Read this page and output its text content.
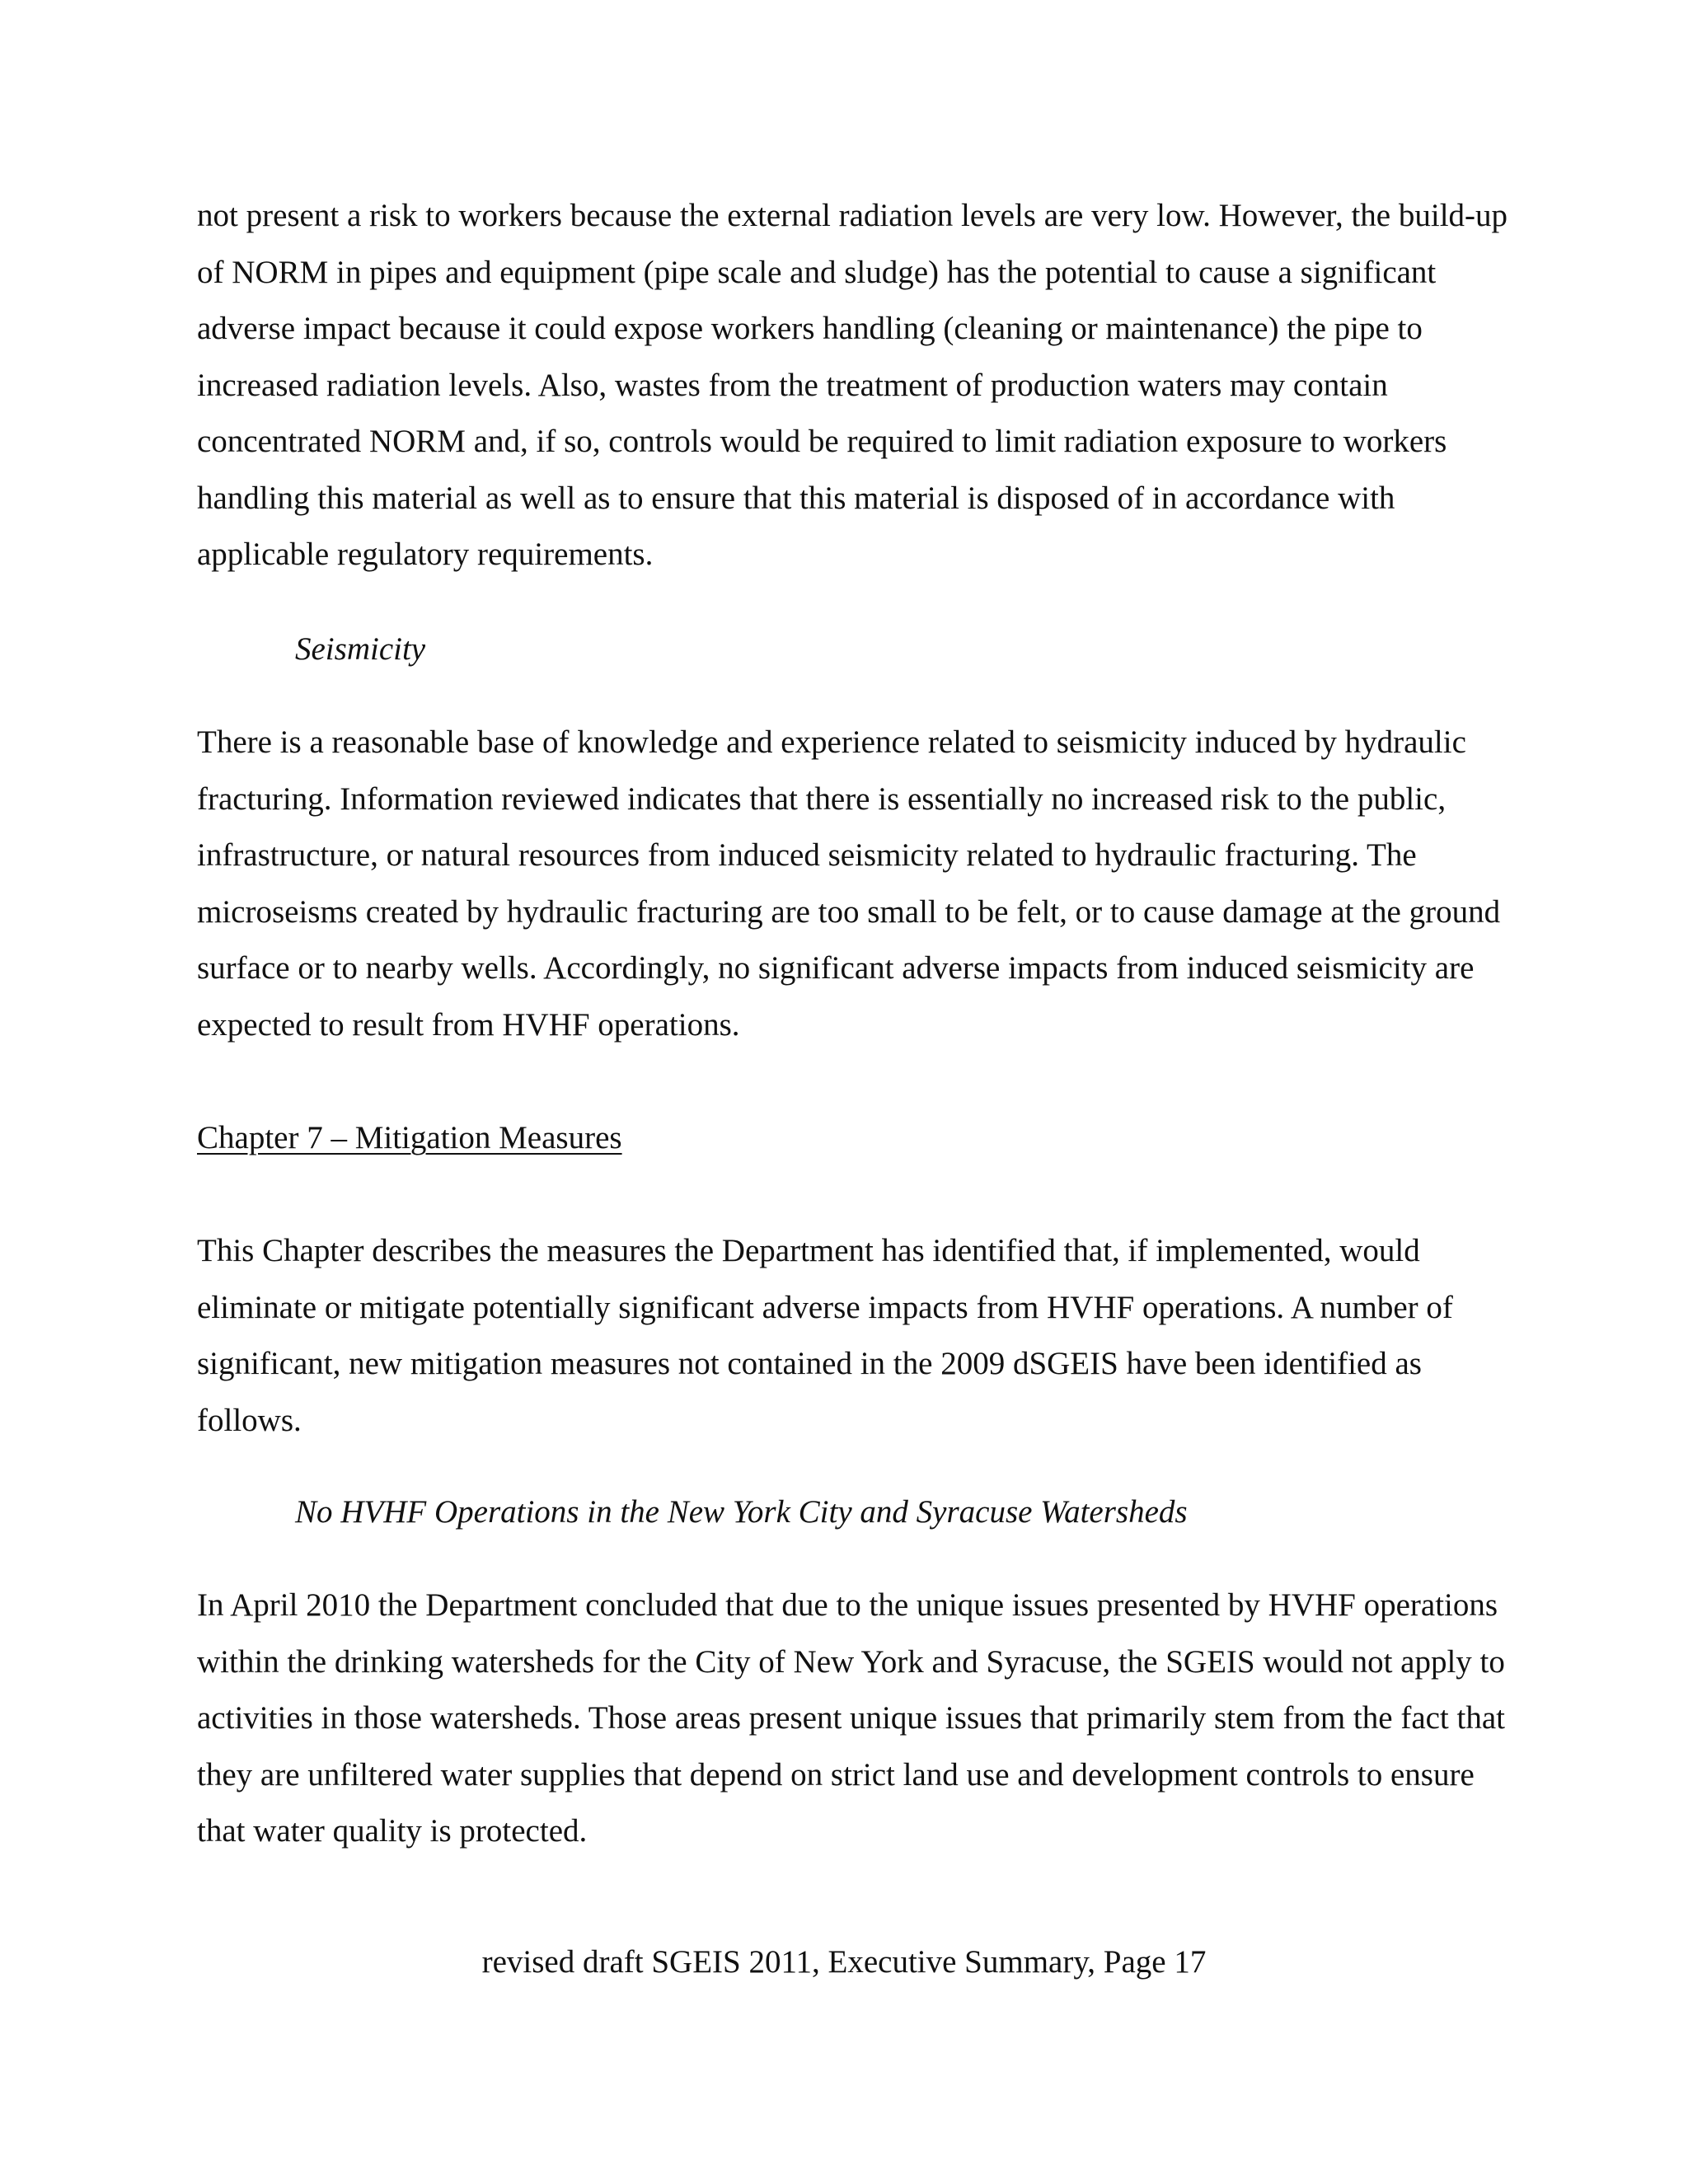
not present a risk to workers because the external radiation levels are very low. However, the build-up of NORM in pipes and equipment (pipe scale and sludge) has the potential to cause a significant adverse impact because it could expose workers handling (cleaning or maintenance) the pipe to increased radiation levels. Also, wastes from the treatment of production waters may contain concentrated NORM and, if so, controls would be required to limit radiation exposure to workers handling this material as well as to ensure that this material is disposed of in accordance with applicable regulatory requirements.

Seismicity

There is a reasonable base of knowledge and experience related to seismicity induced by hydraulic fracturing. Information reviewed indicates that there is essentially no increased risk to the public, infrastructure, or natural resources from induced seismicity related to hydraulic fracturing. The microseisms created by hydraulic fracturing are too small to be felt, or to cause damage at the ground surface or to nearby wells. Accordingly, no significant adverse impacts from induced seismicity are expected to result from HVHF operations.

Chapter 7 – Mitigation Measures

This Chapter describes the measures the Department has identified that, if implemented, would eliminate or mitigate potentially significant adverse impacts from HVHF operations. A number of significant, new mitigation measures not contained in the 2009 dSGEIS have been identified as follows.

No HVHF Operations in the New York City and Syracuse Watersheds

In April 2010 the Department concluded that due to the unique issues presented by HVHF operations within the drinking watersheds for the City of New York and Syracuse, the SGEIS would not apply to activities in those watersheds. Those areas present unique issues that primarily stem from the fact that they are unfiltered water supplies that depend on strict land use and development controls to ensure that water quality is protected.

revised draft SGEIS 2011, Executive Summary, Page 17
